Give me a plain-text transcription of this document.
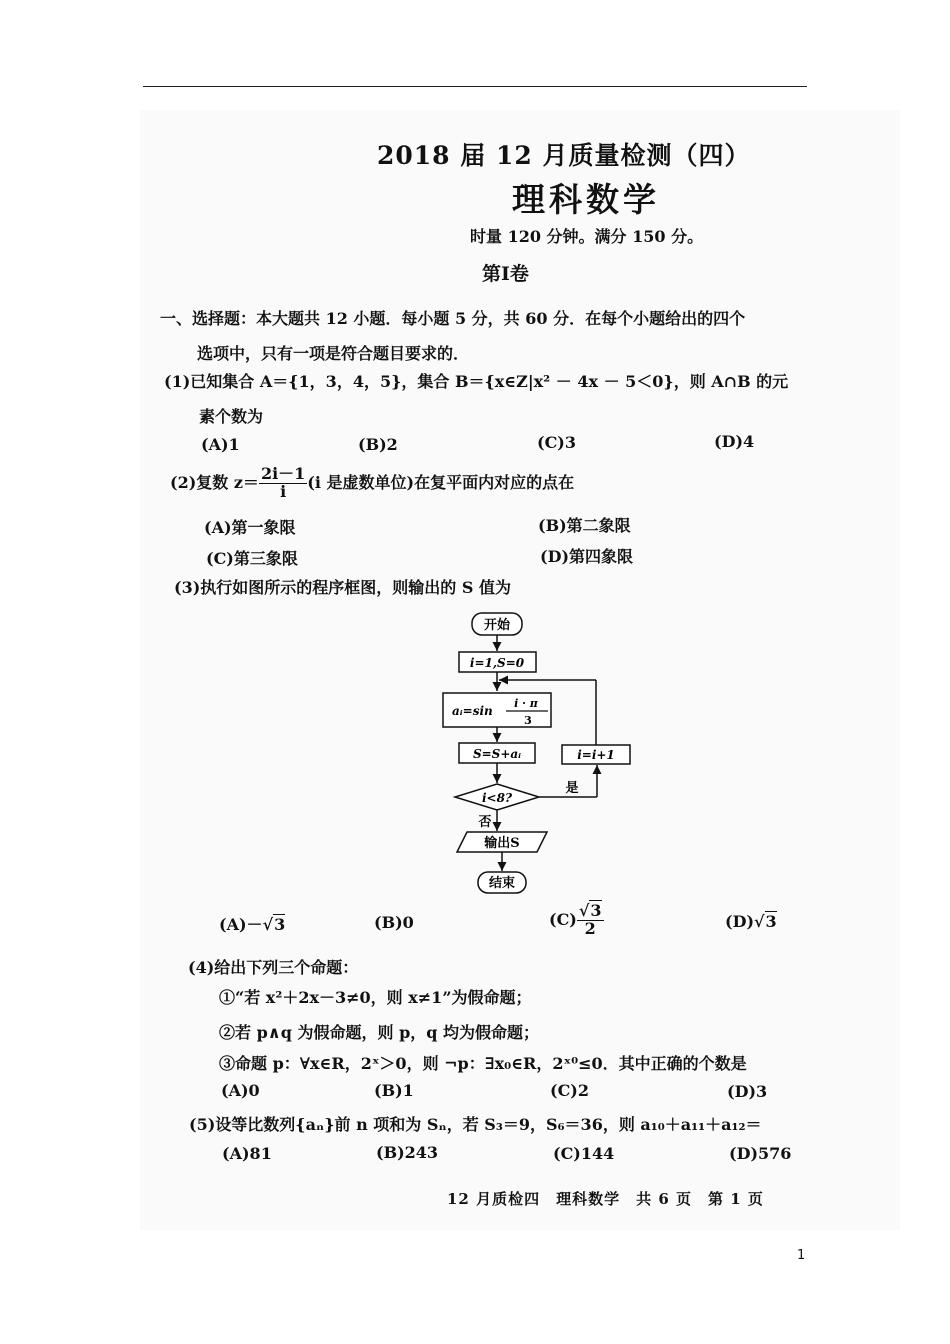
2018 届 12 月质量检测（四）
理科数学
时量 120 分钟。满分 150 分。
第Ⅰ卷
一、选择题：本大题共 12 小题．每小题 5 分，共 60 分．在每个小题给出的四个
选项中，只有一项是符合题目要求的．
(1)已知集合 A＝{1，3，4，5}，集合 B＝{x∈Z|x² － 4x － 5＜0}，则 A∩B 的元
素个数为
(A)1	(B)2	(C)3	(D)4
(2)复数 $z= \frac{2i-1}{i} (i$ 是虚数单位)在复平面内对应的点在
(A)第一象限	(B)第二象限
(C)第三象限	(D)第四象限
(3)执行如图所示的程序框图，则输出的 S 值为
开始
i=1,S=0
aᵢ=sin
i · π
3
S=S+aᵢ
i<8?
是
i=i+1
否
输出S
结束
(A)－√3	(B)0	$(C) \frac{√3}{2}$	(D)√3
(4)给出下列三个命题：
①“若 x²＋2x－3≠0，则 x≠1”为假命题；
②若 p∧q 为假命题，则 p，q 均为假命题；
③命题 p：∀x∈R，2ˣ＞0，则 ¬p：∃x₀∈R，2ˣ⁰≤0．其中正确的个数是
(A)0	(B)1	(C)2	(D)3
(5)设等比数列{aₙ}前 n 项和为 Sₙ，若 S₃＝9，S₆＝36，则 a₁₀＋a₁₁＋a₁₂＝
(A)81	(B)243	(C)144	(D)576
12 月质检四　理科数学　共 6 页　第 1 页
1
